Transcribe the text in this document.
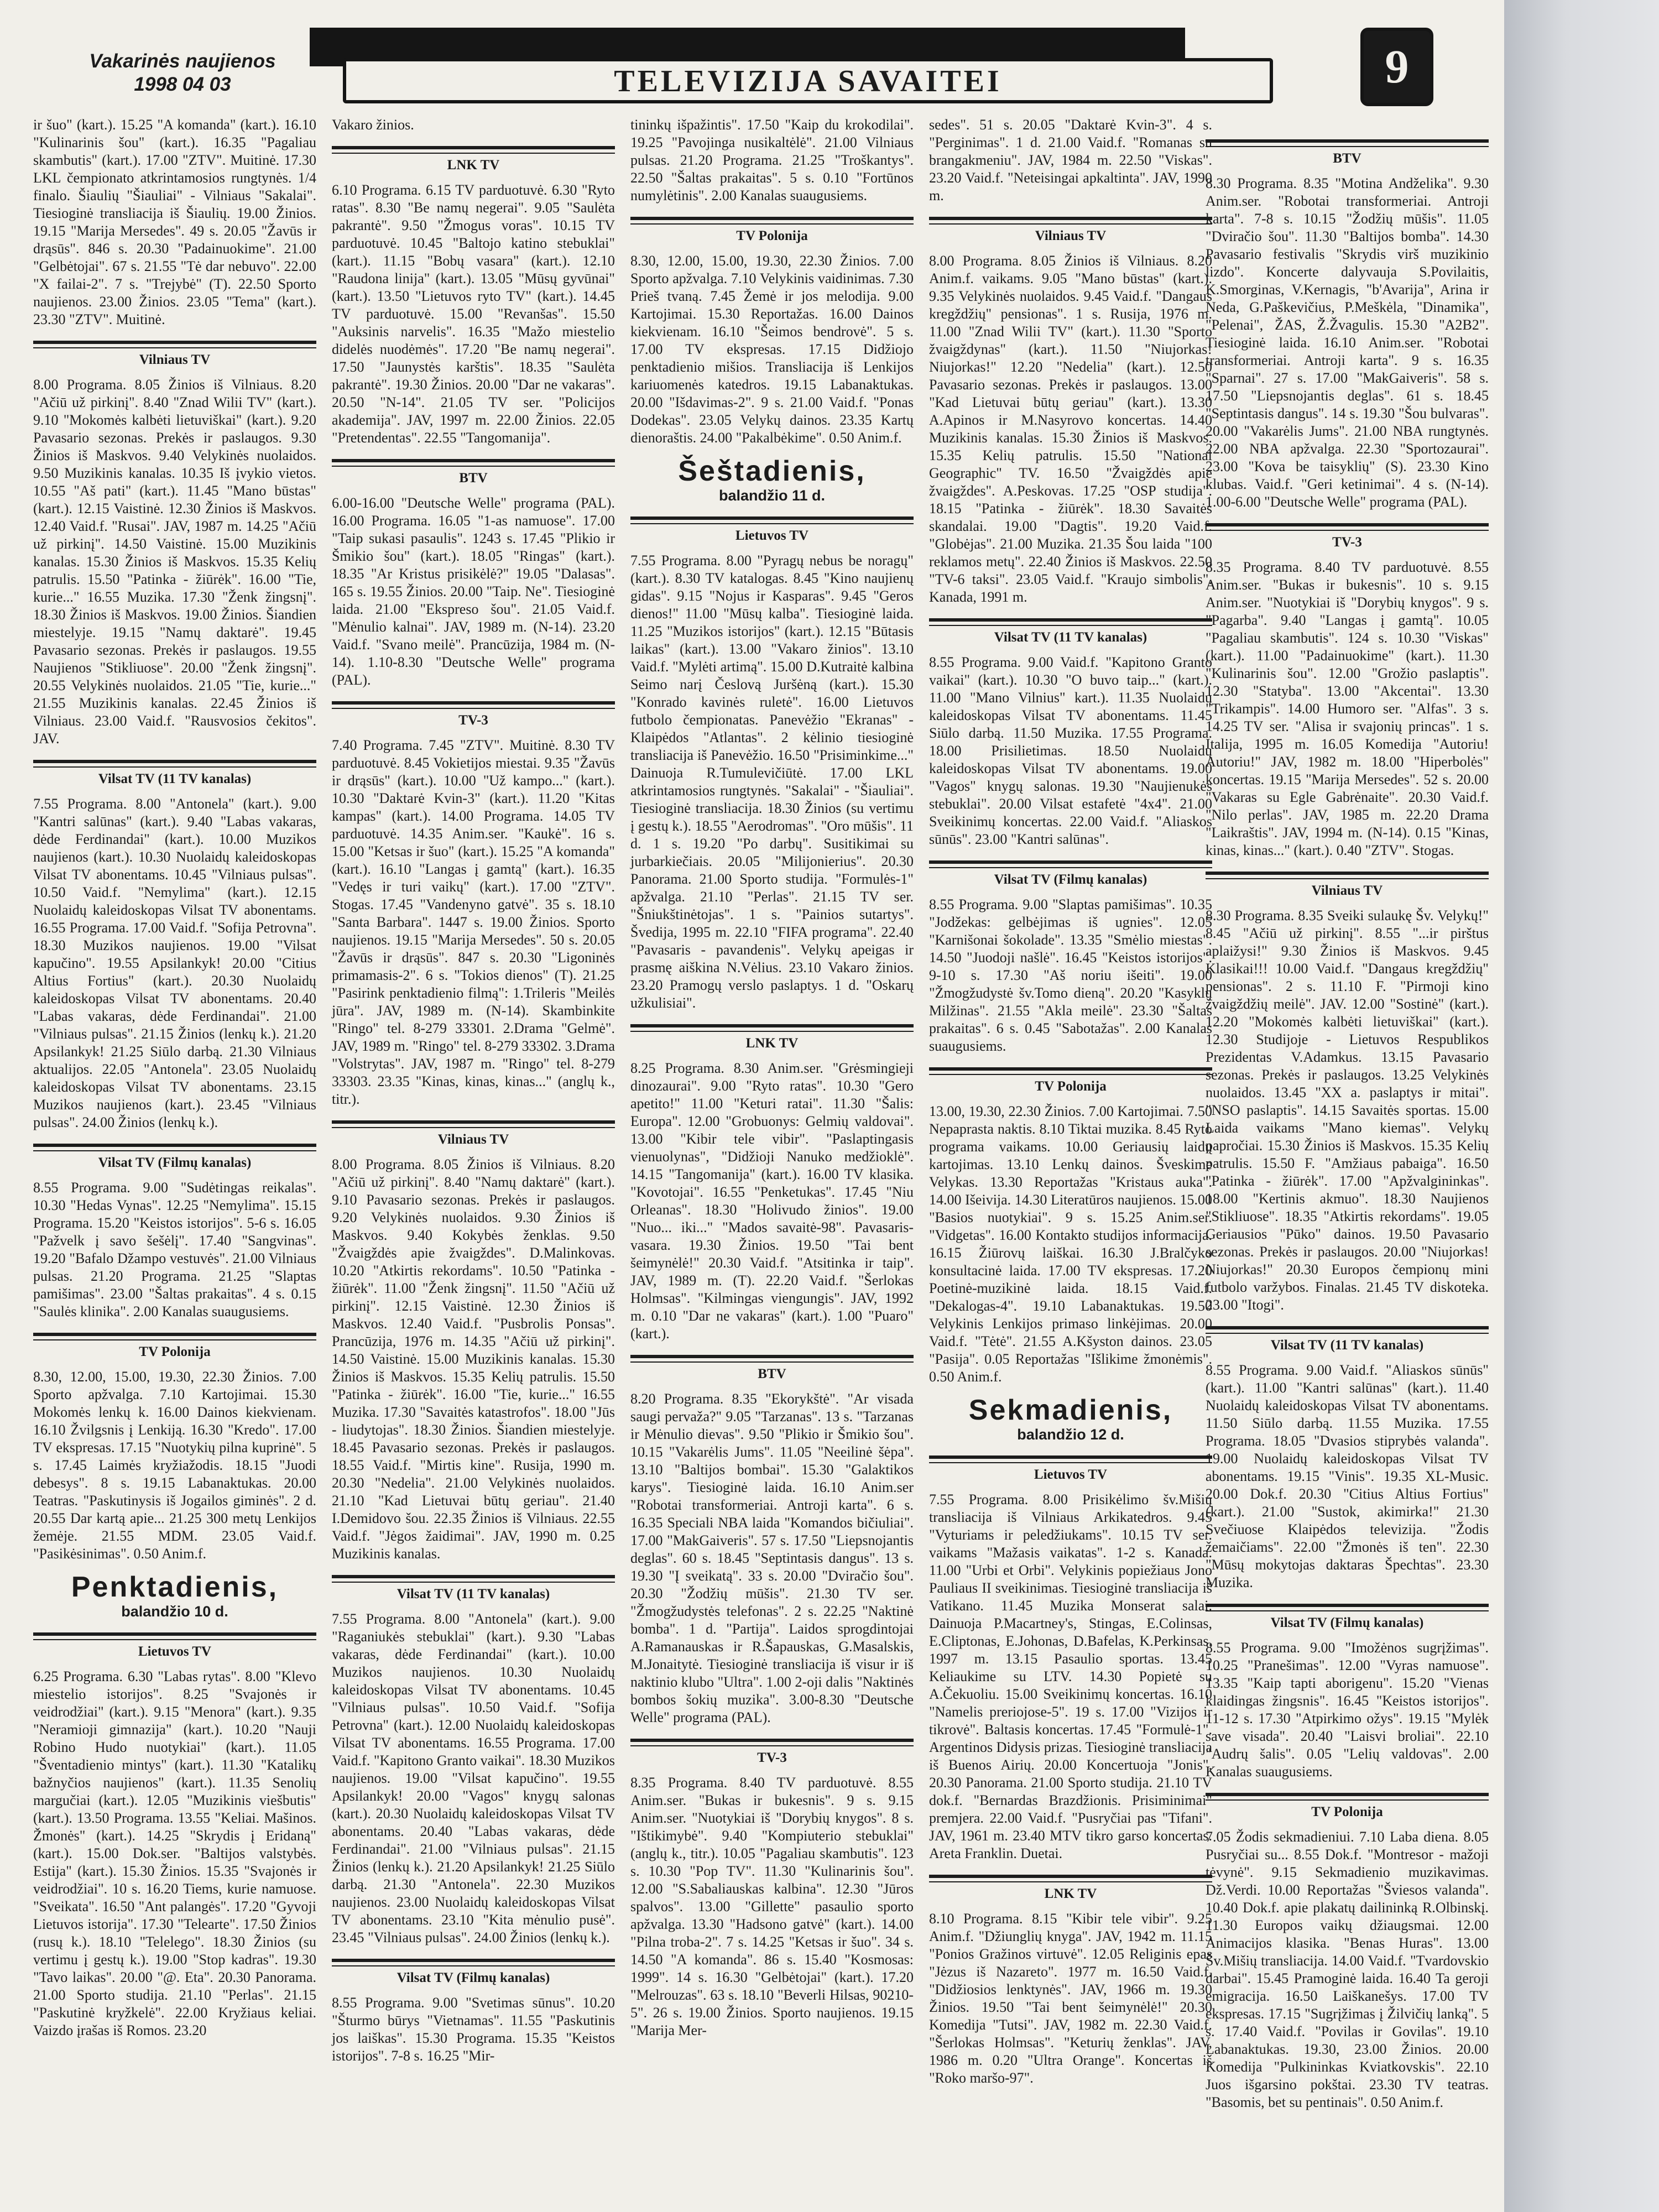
Vakarinės naujienos
1998 04 03	TELEVIZIJA SAVAITEI	9

ir šuo" (kart.). 15.25 "A komanda" (kart.). 16.10 "Kulinarinis šou" (kart.). 16.35 "Pagaliau skambutis" (kart.). 17.00 "ZTV". Muitinė. 17.30 LKL čempionato atkrintamosios rungtynės. 1/4 finalo. Šiaulių "Šiauliai" - Vilniaus "Sakalai". Tiesioginė transliacija iš Šiaulių. 19.00 Žinios. 19.15 "Marija Mersedes". 49 s. 20.05 "Žavūs ir drąsūs". 846 s. 20.30 "Padainuokime". 21.00 "Gelbėtojai". 67 s. 21.55 "Tė dar nebuvo". 22.00 "X failai-2". 7 s. "Trejybė" (T). 22.50 Sporto naujienos. 23.00 Žinios. 23.05 "Tema" (kart.). 23.30 "ZTV". Muitinė.

Vilniaus TV

8.00 Programa. 8.05 Žinios iš Vilniaus. 8.20 "Ačiū už pirkinį". 8.40 "Znad Wilii TV" (kart.). 9.10 "Mokomės kalbėti lietuviškai" (kart.). 9.20 Pavasario sezonas. Prekės ir paslaugos. 9.30 Žinios iš Maskvos. 9.40 Velykinės nuolaidos. 9.50 Muzikinis kanalas. 10.35 Iš įvykio vietos. 10.55 "Aš pati" (kart.). 11.45 "Mano būstas" (kart.). 12.15 Vaistinė. 12.30 Žinios iš Maskvos. 12.40 Vaid.f. "Rusai". JAV, 1987 m. 14.25 "Ačiū už pirkinį". 14.50 Vaistinė. 15.00 Muzikinis kanalas. 15.30 Žinios iš Maskvos. 15.35 Kelių patrulis. 15.50 "Patinka - žiūrėk". 16.00 "Tie, kurie..." 16.55 Muzika. 17.30 "Ženk žingsnį". 18.30 Žinios iš Maskvos. 19.00 Žinios. Šiandien miestelyje. 19.15 "Namų daktarė". 19.45 Pavasario sezonas. Prekės ir paslaugos. 19.55 Naujienos "Stikliuose". 20.00 "Ženk žingsnį". 20.55 Velykinės nuolaidos. 21.05 "Tie, kurie..." 21.55 Muzikinis kanalas. 22.45 Žinios iš Vilniaus. 23.00 Vaid.f. "Rausvosios čekitos". JAV.

Vilsat TV (11 TV kanalas)

7.55 Programa. 8.00 "Antonela" (kart.). 9.00 "Kantri salūnas" (kart.). 9.40 "Labas vakaras, dėde Ferdinandai" (kart.). 10.00 Muzikos naujienos (kart.). 10.30 Nuolaidų kaleidoskopas Vilsat TV abonentams. 10.45 "Vilniaus pulsas". 10.50 Vaid.f. "Nemylima" (kart.). 12.15 Nuolaidų kaleidoskopas Vilsat TV abonentams. 16.55 Programa. 17.00 Vaid.f. "Sofija Petrovna". 18.30 Muzikos naujienos. 19.00 "Vilsat kapučino". 19.55 Apsilankyk! 20.00 "Citius Altius Fortius" (kart.). 20.30 Nuolaidų kaleidoskopas Vilsat TV abonentams. 20.40 "Labas vakaras, dėde Ferdinandai". 21.00 "Vilniaus pulsas". 21.15 Žinios (lenkų k.). 21.20 Apsilankyk! 21.25 Siūlo darbą. 21.30 Vilniaus aktualijos. 22.05 "Antonela". 23.05 Nuolaidų kaleidoskopas Vilsat TV abonentams. 23.15 Muzikos naujienos (kart.). 23.45 "Vilniaus pulsas". 24.00 Žinios (lenkų k.).

Vilsat TV (Filmų kanalas)

8.55 Programa. 9.00 "Sudėtingas reikalas". 10.30 "Hedas Vynas". 12.25 "Nemylima". 15.15 Programa. 15.20 "Keistos istorijos". 5-6 s. 16.05 "Pažvelk į savo šešėlį". 17.40 "Sangvinas". 19.20 "Bafalo Džampo vestuvės". 21.00 Vilniaus pulsas. 21.20 Programa. 21.25 "Slaptas pamišimas". 23.00 "Šaltas prakaitas". 4 s. 0.15 "Saulės klinika". 2.00 Kanalas suaugusiems.

TV Polonija

8.30, 12.00, 15.00, 19.30, 22.30 Žinios. 7.00 Sporto apžvalga. 7.10 Kartojimai. 15.30 Mokomės lenkų k. 16.00 Dainos kiekvienam. 16.10 Žvilgsnis į Lenkiją. 16.30 "Kredo". 17.00 TV ekspresas. 17.15 "Nuotykių pilna kuprinė". 5 s. 17.45 Laimės kryžiažodis. 18.15 "Juodi debesys". 8 s. 19.15 Labanaktukas. 20.00 Teatras. "Paskutinysis iš Jogailos giminės". 2 d. 20.55 Dar kartą apie... 21.25 300 metų Lenkijos žemėje. 21.55 MDM. 23.05 Vaid.f. "Pasikėsinimas". 0.50 Anim.f.

Penktadienis,
balandžio 10 d.
Lietuvos TV

6.25 Programa. 6.30 "Labas rytas". 8.00 "Klevo miestelio istorijos". 8.25 "Svajonės ir veidrodžiai" (kart.). 9.15 "Menora" (kart.). 9.35 "Neramioji gimnazija" (kart.). 10.20 "Nauji Robino Hudo nuotykiai" (kart.). 11.05 "Šventadienio mintys" (kart.). 11.30 "Katalikų bažnyčios naujienos" (kart.). 11.35 Senolių margučiai (kart.). 12.05 "Muzikinis viešbutis" (kart.). 13.50 Programa. 13.55 "Keliai. Mašinos. Žmonės" (kart.). 14.25 "Skrydis į Eridaną" (kart.). 15.00 Dok.ser. "Baltijos valstybės. Estija" (kart.). 15.30 Žinios. 15.35 "Svajonės ir veidrodžiai". 10 s. 16.20 Tiems, kurie namuose. "Sveikata". 16.50 "Ant palangės". 17.20 "Gyvoji Lietuvos istorija". 17.30 "Telearte". 17.50 Žinios (rusų k.). 18.10 "Telelego". 18.30 Žinios (su vertimu į gestų k.). 19.00 "Stop kadras". 19.30 "Tavo laikas". 20.00 "@. Eta". 20.30 Panorama. 21.00 Sporto studija. 21.10 "Perlas". 21.15 "Paskutinė kryžkelė". 22.00 Kryžiaus keliai. Vaizdo įrašas iš Romos. 23.20

Vakaro žinios.

LNK TV

6.10 Programa. 6.15 TV parduotuvė. 6.30 "Ryto ratas". 8.30 "Be namų negerai". 9.05 "Saulėta pakrantė". 9.50 "Žmogus voras". 10.15 TV parduotuvė. 10.45 "Baltojo katino stebuklai" (kart.). 11.15 "Bobų vasara" (kart.). 12.10 "Raudona linija" (kart.). 13.05 "Mūsų gyvūnai" (kart.). 13.50 "Lietuvos ryto TV" (kart.). 14.45 TV parduotuvė. 15.00 "Revanšas". 15.50 "Auksinis narvelis". 16.35 "Mažo miestelio didelės nuodėmės". 17.20 "Be namų negerai". 17.50 "Jaunystės karštis". 18.35 "Saulėta pakrantė". 19.30 Žinios. 20.00 "Dar ne vakaras". 20.50 "N-14". 21.05 TV ser. "Policijos akademija". JAV, 1997 m. 22.00 Žinios. 22.05 "Pretendentas". 22.55 "Tangomanija".

BTV

6.00-16.00 "Deutsche Welle" programa (PAL). 16.00 Programa. 16.05 "1-as namuose". 17.00 "Taip sukasi pasaulis". 1243 s. 17.45 "Plikio ir Šmikio šou" (kart.). 18.05 "Ringas" (kart.). 18.35 "Ar Kristus prisikėlė?" 19.05 "Dalasas". 165 s. 19.55 Žinios. 20.00 "Taip. Ne". Tiesioginė laida. 21.00 "Ekspreso šou". 21.05 Vaid.f. "Mėnulio kalnai". JAV, 1989 m. (N-14). 23.20 Vaid.f. "Svano meilė". Prancūzija, 1984 m. (N-14). 1.10-8.30 "Deutsche Welle" programa (PAL).

TV-3

7.40 Programa. 7.45 "ZTV". Muitinė. 8.30 TV parduotuvė. 8.45 Vokietijos miestai. 9.35 "Žavūs ir drąsūs" (kart.). 10.00 "Už kampo..." (kart.). 10.30 "Daktarė Kvin-3" (kart.). 11.20 "Kitas kampas" (kart.). 14.00 Programa. 14.05 TV parduotuvė. 14.35 Anim.ser. "Kaukė". 16 s. 15.00 "Ketsas ir šuo" (kart.). 15.25 "A komanda" (kart.). 16.10 "Langas į gamtą" (kart.). 16.35 "Vedęs ir turi vaikų" (kart.). 17.00 "ZTV". Stogas. 17.45 "Vandenyno gatvė". 35 s. 18.10 "Santa Barbara". 1447 s. 19.00 Žinios. Sporto naujienos. 19.15 "Marija Mersedes". 50 s. 20.05 "Žavūs ir drąsūs". 847 s. 20.30 "Ligoninės primamasis-2". 6 s. "Tokios dienos" (T). 21.25 "Pasirink penktadienio filmą": 1.Trileris "Meilės jūra". JAV, 1989 m. (N-14). Skambinkite "Ringo" tel. 8-279 33301. 2.Drama "Gelmė". JAV, 1989 m. "Ringo" tel. 8-279 33302. 3.Drama "Volstrytas". JAV, 1987 m. "Ringo" tel. 8-279 33303. 23.35 "Kinas, kinas, kinas..." (anglų k., titr.).

Vilniaus TV

8.00 Programa. 8.05 Žinios iš Vilniaus. 8.20 "Ačiū už pirkinį". 8.40 "Namų daktarė" (kart.). 9.10 Pavasario sezonas. Prekės ir paslaugos. 9.20 Velykinės nuolaidos. 9.30 Žinios iš Maskvos. 9.40 Kokybės ženklas. 9.50 "Žvaigždės apie žvaigždes". D.Malinkovas. 10.20 "Atkirtis rekordams". 10.50 "Patinka - žiūrėk". 11.00 "Ženk žingsnį". 11.50 "Ačiū už pirkinį". 12.15 Vaistinė. 12.30 Žinios iš Maskvos. 12.40 Vaid.f. "Pusbrolis Ponsas". Prancūzija, 1976 m. 14.35 "Ačiū už pirkinį". 14.50 Vaistinė. 15.00 Muzikinis kanalas. 15.30 Žinios iš Maskvos. 15.35 Kelių patrulis. 15.50 "Patinka - žiūrėk". 16.00 "Tie, kurie..." 16.55 Muzika. 17.30 "Savaitės katastrofos". 18.00 "Jūs - liudytojas". 18.30 Žinios. Šiandien miestelyje. 18.45 Pavasario sezonas. Prekės ir paslaugos. 18.55 Vaid.f. "Mirtis kine". Rusija, 1990 m. 20.30 "Nedelia". 21.00 Velykinės nuolaidos. 21.10 "Kad Lietuvai būtų geriau". 21.40 I.Demidovo šou. 22.35 Žinios iš Vilniaus. 22.55 Vaid.f. "Jėgos žaidimai". JAV, 1990 m. 0.25 Muzikinis kanalas.

Vilsat TV (11 TV kanalas)

7.55 Programa. 8.00 "Antonela" (kart.). 9.00 "Raganiukės stebuklai" (kart.). 9.30 "Labas vakaras, dėde Ferdinandai" (kart.). 10.00 Muzikos naujienos. 10.30 Nuolaidų kaleidoskopas Vilsat TV abonentams. 10.45 "Vilniaus pulsas". 10.50 Vaid.f. "Sofija Petrovna" (kart.). 12.00 Nuolaidų kaleidoskopas Vilsat TV abonentams. 16.55 Programa. 17.00 Vaid.f. "Kapitono Granto vaikai". 18.30 Muzikos naujienos. 19.00 "Vilsat kapučino". 19.55 Apsilankyk! 20.00 "Vagos" knygų salonas (kart.). 20.30 Nuolaidų kaleidoskopas Vilsat TV abonentams. 20.40 "Labas vakaras, dėde Ferdinandai". 21.00 "Vilniaus pulsas". 21.15 Žinios (lenkų k.). 21.20 Apsilankyk! 21.25 Siūlo darbą. 21.30 "Antonela". 22.30 Muzikos naujienos. 23.00 Nuolaidų kaleidoskopas Vilsat TV abonentams. 23.10 "Kita mėnulio pusė". 23.45 "Vilniaus pulsas". 24.00 Žinios (lenkų k.).

Vilsat TV (Filmų kanalas)

8.55 Programa. 9.00 "Svetimas sūnus". 10.20 "Šturmo būrys "Vietnamas". 11.55 "Paskutinis jos laiškas". 15.30 Programa. 15.35 "Keistos istorijos". 7-8 s. 16.25 "Mir-

tininkų išpažintis". 17.50 "Kaip du krokodilai". 19.25 "Pavojinga nusikaltėlė". 21.00 Vilniaus pulsas. 21.20 Programa. 21.25 "Troškantys". 22.50 "Šaltas prakaitas". 5 s. 0.10 "Fortūnos numylėtinis". 2.00 Kanalas suaugusiems.

TV Polonija

8.30, 12.00, 15.00, 19.30, 22.30 Žinios. 7.00 Sporto apžvalga. 7.10 Velykinis vaidinimas. 7.30 Prieš tvaną. 7.45 Žemė ir jos melodija. 9.00 Kartojimai. 15.30 Reportažas. 16.00 Dainos kiekvienam. 16.10 "Šeimos bendrovė". 5 s. 17.00 TV ekspresas. 17.15 Didžiojo penktadienio mišios. Transliacija iš Lenkijos kariuomenės katedros. 19.15 Labanaktukas. 20.00 "Išdavimas-2". 9 s. 21.00 Vaid.f. "Ponas Dodekas". 23.05 Velykų dainos. 23.35 Kartų dienoraštis. 24.00 "Pakalbėkime". 0.50 Anim.f.

Šeštadienis,
balandžio 11 d.
Lietuvos TV

7.55 Programa. 8.00 "Pyragų nebus be noragų" (kart.). 8.30 TV katalogas. 8.45 "Kino naujienų gidas". 9.15 "Nojus ir Kasparas". 9.45 "Geros dienos!" 11.00 "Mūsų kalba". Tiesioginė laida. 11.25 "Muzikos istorijos" (kart.). 12.15 "Būtasis laikas" (kart.). 13.00 "Vakaro žinios". 13.10 Vaid.f. "Mylėti artimą". 15.00 D.Kutraitė kalbina Seimo narį Česlovą Juršėną (kart.). 15.30 "Konrado kavinės ruletė". 16.00 Lietuvos futbolo čempionatas. Panevėžio "Ekranas" - Klaipėdos "Atlantas". 2 kėlinio tiesioginė transliacija iš Panevėžio. 16.50 "Prisiminkime..." Dainuoja R.Tumulevičiūtė. 17.00 LKL atkrintamosios rungtynės. "Sakalai" - "Šiauliai". Tiesioginė transliacija. 18.30 Žinios (su vertimu į gestų k.). 18.55 "Aerodromas". "Oro mūšis". 11 d. 1 s. 19.20 "Po darbų". Susitikimai su jurbarkiečiais. 20.05 "Milijonierius". 20.30 Panorama. 21.00 Sporto studija. "Formulės-1" apžvalga. 21.10 "Perlas". 21.15 TV ser. "Šniukštinėtojas". 1 s. "Painios sutartys". Švedija, 1995 m. 22.10 "FIFA programa". 22.40 "Pavasaris - pavandenis". Velykų apeigas ir prasmę aiškina N.Vėlius. 23.10 Vakaro žinios. 23.20 Pramogų verslo paslaptys. 1 d. "Oskarų užkulisiai".

LNK TV

8.25 Programa. 8.30 Anim.ser. "Grėsmingieji dinozaurai". 9.00 "Ryto ratas". 10.30 "Gero apetito!" 11.00 "Keturi ratai". 11.30 "Šalis: Europa". 12.00 "Grobuonys: Gelmių valdovai". 13.00 "Kibir tele vibir". "Paslaptingasis vienuolynas", "Didžioji Nanuko medžioklė". 14.15 "Tangomanija" (kart.). 16.00 TV klasika. "Kovotojai". 16.55 "Penketukas". 17.45 "Niu Orleanas". 18.30 "Holivudo žinios". 19.00 "Nuo... iki..." "Mados savaitė-98". Pavasaris-vasara. 19.30 Žinios. 19.50 "Tai bent šeimynėlė!" 20.30 Vaid.f. "Atsitinka ir taip". JAV, 1989 m. (T). 22.20 Vaid.f. "Šerlokas Holmsas". "Kilmingas viengungis". JAV, 1992 m. 0.10 "Dar ne vakaras" (kart.). 1.00 "Puaro" (kart.).

BTV

8.20 Programa. 8.35 "Ekorykštė". "Ar visada saugi pervaža?" 9.05 "Tarzanas". 13 s. "Tarzanas ir Mėnulio dievas". 9.50 "Plikio ir Šmikio šou". 10.15 "Vakarėlis Jums". 11.05 "Neeilinė šėpa". 13.10 "Baltijos bombai". 15.30 "Galaktikos karys". Tiesioginė laida. 16.10 Anim.ser "Robotai transformeriai. Antroji karta". 6 s. 16.35 Speciali NBA laida "Komandos bičiuliai". 17.00 "MakGaiveris". 57 s. 17.50 "Liepsnojantis deglas". 60 s. 18.45 "Septintasis dangus". 13 s. 19.30 "Į sveikatą". 33 s. 20.00 "Dviračio šou". 20.30 "Žodžių mūšis". 21.30 TV ser. "Žmogžudystės telefonas". 2 s. 22.25 "Naktinė bomba". 1 d. "Partija". Laidos sprogdintojai A.Ramanauskas ir R.Šapauskas, G.Masalskis, M.Jonaitytė. Tiesioginė transliacija iš visur ir iš naktinio klubo "Ultra". 1.00 2-oji dalis "Naktinės bombos šokių muzika". 3.00-8.30 "Deutsche Welle" programa (PAL).

TV-3

8.35 Programa. 8.40 TV parduotuvė. 8.55 Anim.ser. "Bukas ir bukesnis". 9 s. 9.15 Anim.ser. "Nuotykiai iš "Dorybių knygos". 8 s. "Ištikimybė". 9.40 "Kompiuterio stebuklai" (anglų k., titr.). 10.05 "Pagaliau skambutis". 123 s. 10.30 "Pop TV". 11.30 "Kulinarinis šou". 12.00 "S.Sabaliauskas kalbina". 12.30 "Jūros spalvos". 13.00 "Gillette" pasaulio sporto apžvalga. 13.30 "Hadsono gatvė" (kart.). 14.00 "Pilna troba-2". 7 s. 14.25 "Ketsas ir šuo". 34 s. 14.50 "A komanda". 86 s. 15.40 "Kosmosas: 1999". 14 s. 16.30 "Gelbėtojai" (kart.). 17.20 "Melrouzas". 63 s. 18.10 "Beverli Hilsas, 90210-5". 26 s. 19.00 Žinios. Sporto naujienos. 19.15 "Marija Mer-

sedes". 51 s. 20.05 "Daktarė Kvin-3". 4 s. "Perginimas". 1 d. 21.00 Vaid.f. "Romanas su brangakmeniu". JAV, 1984 m. 22.50 "Viskas". 23.20 Vaid.f. "Neteisingai apkaltinta". JAV, 1990 m.

Vilniaus TV

8.00 Programa. 8.05 Žinios iš Vilniaus. 8.20 Anim.f. vaikams. 9.05 "Mano būstas" (kart.). 9.35 Velykinės nuolaidos. 9.45 Vaid.f. "Dangaus kregždžių" pensionas". 1 s. Rusija, 1976 m. 11.00 "Znad Wilii TV" (kart.). 11.30 "Sporto žvaigždynas" (kart.). 11.50 "Niujorkas! Niujorkas!" 12.20 "Nedelia" (kart.). 12.50 Pavasario sezonas. Prekės ir paslaugos. 13.00 "Kad Lietuvai būtų geriau" (kart.). 13.30 A.Apinos ir M.Nasyrovo koncertas. 14.40 Muzikinis kanalas. 15.30 Žinios iš Maskvos. 15.35 Kelių patrulis. 15.50 "National Geographic" TV. 16.50 "Žvaigždės apie žvaigždes". A.Peskovas. 17.25 "OSP studija". 18.15 "Patinka - žiūrėk". 18.30 Savaitės skandalai. 19.00 "Dagtis". 19.20 Vaid.f. "Globėjas". 21.00 Muzika. 21.35 Šou laida "100 reklamos metų". 22.40 Žinios iš Maskvos. 22.50 "TV-6 taksi". 23.05 Vaid.f. "Kraujo simbolis". Kanada, 1991 m.

Vilsat TV (11 TV kanalas)

8.55 Programa. 9.00 Vaid.f. "Kapitono Granto vaikai" (kart.). 10.30 "O buvo taip..." (kart.). 11.00 "Mano Vilnius" kart.). 11.35 Nuolaidų kaleidoskopas Vilsat TV abonentams. 11.45 Siūlo darbą. 11.50 Muzika. 17.55 Programa. 18.00 Prisilietimas. 18.50 Nuolaidų kaleidoskopas Vilsat TV abonentams. 19.00 "Vagos" knygų salonas. 19.30 "Naujienukės stebuklai". 20.00 Vilsat estafetė "4x4". 21.00 Sveikinimų koncertas. 22.00 Vaid.f. "Aliaskos sūnūs". 23.00 "Kantri salūnas".

Vilsat TV (Filmų kanalas)

8.55 Programa. 9.00 "Slaptas pamišimas". 10.35 "Jodžekas: gelbėjimas iš ugnies". 12.05 "Karnišonai šokolade". 13.35 "Smėlio miestas". 14.50 "Juodoji našlė". 16.45 "Keistos istorijos". 9-10 s. 17.30 "Aš noriu išeiti". 19.00 "Žmogžudystė šv.Tomo dieną". 20.20 "Kasyklų Milžinas". 21.55 "Akla meilė". 23.30 "Šaltas prakaitas". 6 s. 0.45 "Sabotažas". 2.00 Kanalas suaugusiems.

TV Polonija

13.00, 19.30, 22.30 Žinios. 7.00 Kartojimai. 7.50 Nepaprasta naktis. 8.10 Tiktai muzika. 8.45 Ryto programa vaikams. 10.00 Geriausių laidų kartojimas. 13.10 Lenkų dainos. Šveskime Velykas. 13.30 Reportažas "Kristaus auka". 14.00 Išeivija. 14.30 Literatūros naujienos. 15.00 "Basios nuotykiai". 9 s. 15.25 Anim.ser. "Vidgetas". 16.00 Kontakto studijos informacija. 16.15 Žiūrovų laiškai. 16.30 J.Bralčyko konsultacinė laida. 17.00 TV ekspresas. 17.20 Poetinė-muzikinė laida. 18.15 Vaid.f. "Dekalogas-4". 19.10 Labanaktukas. 19.50 Velykinis Lenkijos primaso linkėjimas. 20.00 Vaid.f. "Tėtė". 21.55 A.Kšyston dainos. 23.05 "Pasija". 0.05 Reportažas "Išlikime žmonėmis". 0.50 Anim.f.

Sekmadienis,
balandžio 12 d.
Lietuvos TV

7.55 Programa. 8.00 Prisikėlimo šv.Mišių transliacija iš Vilniaus Arkikatedros. 9.45 "Vyturiams ir peledžiukams". 10.15 TV ser. vaikams "Mažasis vaikatas". 1-2 s. Kanada. 11.00 "Urbi et Orbi". Velykinis popiežiaus Jono Pauliaus II sveikinimas. Tiesioginė transliacija iš Vatikano. 11.45 Muzika Monserat salai. Dainuoja P.Macartney's, Stingas, E.Colinsas, E.Cliptonas, E.Johonas, D.Bafelas, K.Perkinsas. 1997 m. 13.15 Pasaulio sportas. 13.45 Keliaukime su LTV. 14.30 Popietė su A.Čekuoliu. 15.00 Sveikinimų koncertas. 16.10 "Namelis preriojose-5". 19 s. 17.00 "Vizijos ir tikrovė". Baltasis koncertas. 17.45 "Formulė-1". Argentinos Didysis prizas. Tiesioginė transliacija iš Buenos Airių. 20.00 Koncertuoja "Jonis". 20.30 Panorama. 21.00 Sporto studija. 21.10 TV dok.f. "Bernardas Brazdžionis. Prisiminimai" premjera. 22.00 Vaid.f. "Pusryčiai pas "Tifani". JAV, 1961 m. 23.40 MTV tikro garso koncertas. Areta Franklin. Duetai.

LNK TV

8.10 Programa. 8.15 "Kibir tele vibir". 9.25 Anim.f. "Džiunglių knyga". JAV, 1942 m. 11.15 "Ponios Gražinos virtuvė". 12.05 Religinis epas "Jėzus iš Nazareto". 1977 m. 16.50 Vaid.f. "Didžiosios lenktynės". JAV, 1966 m. 19.30 Žinios. 19.50 "Tai bent šeimynėlė!" 20.30 Komedija "Tutsi". JAV, 1982 m. 22.30 Vaid.f. "Šerlokas Holmsas". "Keturių ženklas". JAV, 1986 m. 0.20 "Ultra Orange". Koncertas iš "Roko maršo-97".

BTV

8.30 Programa. 8.35 "Motina Andželika". 9.30 Anim.ser. "Robotai transformeriai. Antroji karta". 7-8 s. 10.15 "Žodžių mūšis". 11.05 "Dviračio šou". 11.30 "Baltijos bomba". 14.30 Pavasario festivalis "Skrydis virš muzikinio lizdo". Koncerte dalyvauja S.Povilaitis, K.Smorginas, V.Kernagis, "b'Avarija", Arina ir Neda, G.Paškevičius, P.Meškėla, "Dinamika", "Pelenai", ŽAS, Ž.Žvagulis. 15.30 "A2B2". Tiesioginė laida. 16.10 Anim.ser. "Robotai transformeriai. Antroji karta". 9 s. 16.35 "Sparnai". 27 s. 17.00 "MakGaiveris". 58 s. 17.50 "Liepsnojantis deglas". 61 s. 18.45 "Septintasis dangus". 14 s. 19.30 "Šou bulvaras". 20.00 "Vakarėlis Jums". 21.00 NBA rungtynės. 22.00 NBA apžvalga. 22.30 "Sportozaurai". 23.00 "Kova be taisyklių" (S). 23.30 Kino klubas. Vaid.f. "Geri ketinimai". 4 s. (N-14). 1.00-6.00 "Deutsche Welle" programa (PAL).

TV-3

8.35 Programa. 8.40 TV parduotuvė. 8.55 Anim.ser. "Bukas ir bukesnis". 10 s. 9.15 Anim.ser. "Nuotykiai iš "Dorybių knygos". 9 s. "Pagarba". 9.40 "Langas į gamtą". 10.05 "Pagaliau skambutis". 124 s. 10.30 "Viskas" (kart.). 11.00 "Padainuokime" (kart.). 11.30 "Kulinarinis šou". 12.00 "Grožio paslaptis". 12.30 "Statyba". 13.00 "Akcentai". 13.30 "Trikampis". 14.00 Humoro ser. "Alfas". 3 s. 14.25 TV ser. "Alisa ir svajonių princas". 1 s. Italija, 1995 m. 16.05 Komedija "Autoriu! Autoriu!" JAV, 1982 m. 18.00 "Hiperbolės" koncertas. 19.15 "Marija Mersedes". 52 s. 20.00 "Vakaras su Egle Gabrėnaite". 20.30 Vaid.f. "Nilo perlas". JAV, 1985 m. 22.20 Drama "Laikraštis". JAV, 1994 m. (N-14). 0.15 "Kinas, kinas, kinas..." (kart.). 0.40 "ZTV". Stogas.

Vilniaus TV

8.30 Programa. 8.35 Sveiki sulaukę Šv. Velykų!" 8.45 "Ačiū už pirkinį". 8.55 "...ir pirštus aplaižysi!" 9.30 Žinios iš Maskvos. 9.45 Klasikai!!! 10.00 Vaid.f. "Dangaus kregždžių" pensionas". 2 s. 11.10 F. "Pirmoji kino žvaigždžių meilė". JAV. 12.00 "Sostinė" (kart.). 12.20 "Mokomės kalbėti lietuviškai" (kart.). 12.30 Studijoje - Lietuvos Respublikos Prezidentas V.Adamkus. 13.15 Pavasario sezonas. Prekės ir paslaugos. 13.25 Velykinės nuolaidos. 13.45 "XX a. paslaptys ir mitai". "NSO paslaptis". 14.15 Savaitės sportas. 15.00 Laida vaikams "Mano kiemas". Velykų papročiai. 15.30 Žinios iš Maskvos. 15.35 Kelių patrulis. 15.50 F. "Amžiaus pabaiga". 16.50 "Patinka - žiūrėk". 17.00 "Apžvalgininkas". 18.00 "Kertinis akmuo". 18.30 Naujienos "Stikliuose". 18.35 "Atkirtis rekordams". 19.05 Geriausios "Pūko" dainos. 19.50 Pavasario sezonas. Prekės ir paslaugos. 20.00 "Niujorkas! Niujorkas!" 20.30 Europos čempionų mini futbolo varžybos. Finalas. 21.45 TV diskoteka. 23.00 "Itogi".

Vilsat TV (11 TV kanalas)

8.55 Programa. 9.00 Vaid.f. "Aliaskos sūnūs" (kart.). 11.00 "Kantri salūnas" (kart.). 11.40 Nuolaidų kaleidoskopas Vilsat TV abonentams. 11.50 Siūlo darbą. 11.55 Muzika. 17.55 Programa. 18.05 "Dvasios stiprybės valanda". 19.00 Nuolaidų kaleidoskopas Vilsat TV abonentams. 19.15 "Vinis". 19.35 XL-Music. 20.00 Dok.f. 20.30 "Citius Altius Fortius" (kart.). 21.00 "Sustok, akimirka!" 21.30 Svečiuose Klaipėdos televizija. "Žodis žemaičiams". 22.00 "Žmonės iš ten". 22.30 "Mūsų mokytojas daktaras Špechtas". 23.30 Muzika.

Vilsat TV (Filmų kanalas)

8.55 Programa. 9.00 "Imožėnos sugrįžimas". 10.25 "Pranešimas". 12.00 "Vyras namuose". 13.35 "Kaip tapti aborigenu". 15.20 "Vienas klaidingas žingsnis". 16.45 "Keistos istorijos". 11-12 s. 17.30 "Atpirkimo ožys". 19.15 "Mylėk save visada". 20.40 "Laisvi broliai". 22.10 "Audrų šalis". 0.05 "Lelių valdovas". 2.00 Kanalas suaugusiems.

TV Polonija

7.05 Žodis sekmadieniui. 7.10 Laba diena. 8.05 Pusryčiai su... 8.55 Dok.f. "Montresor - mažoji tėvynė". 9.15 Sekmadienio muzikavimas. Dž.Verdi. 10.00 Reportažas "Šviesos valanda". 10.40 Dok.f. apie plakatų dailininką R.Olbinskį. 11.30 Europos vaikų džiaugsmai. 12.00 Animacijos klasika. "Benas Huras". 13.00 Šv.Mišių transliacija. 14.00 Vaid.f. "Tvardovskio darbai". 15.45 Pramoginė laida. 16.40 Ta geroji emigracija. 16.50 Laiškanešys. 17.00 TV ekspresas. 17.15 "Sugrįžimas į Žilvičių lanką". 5 s. 17.40 Vaid.f. "Povilas ir Govilas". 19.10 Labanaktukas. 19.30, 23.00 Žinios. 20.00 Komedija "Pulkininkas Kviatkovskis". 22.10 Juos išgarsino pokštai. 23.30 TV teatras. "Basomis, bet su pentinais". 0.50 Anim.f.
